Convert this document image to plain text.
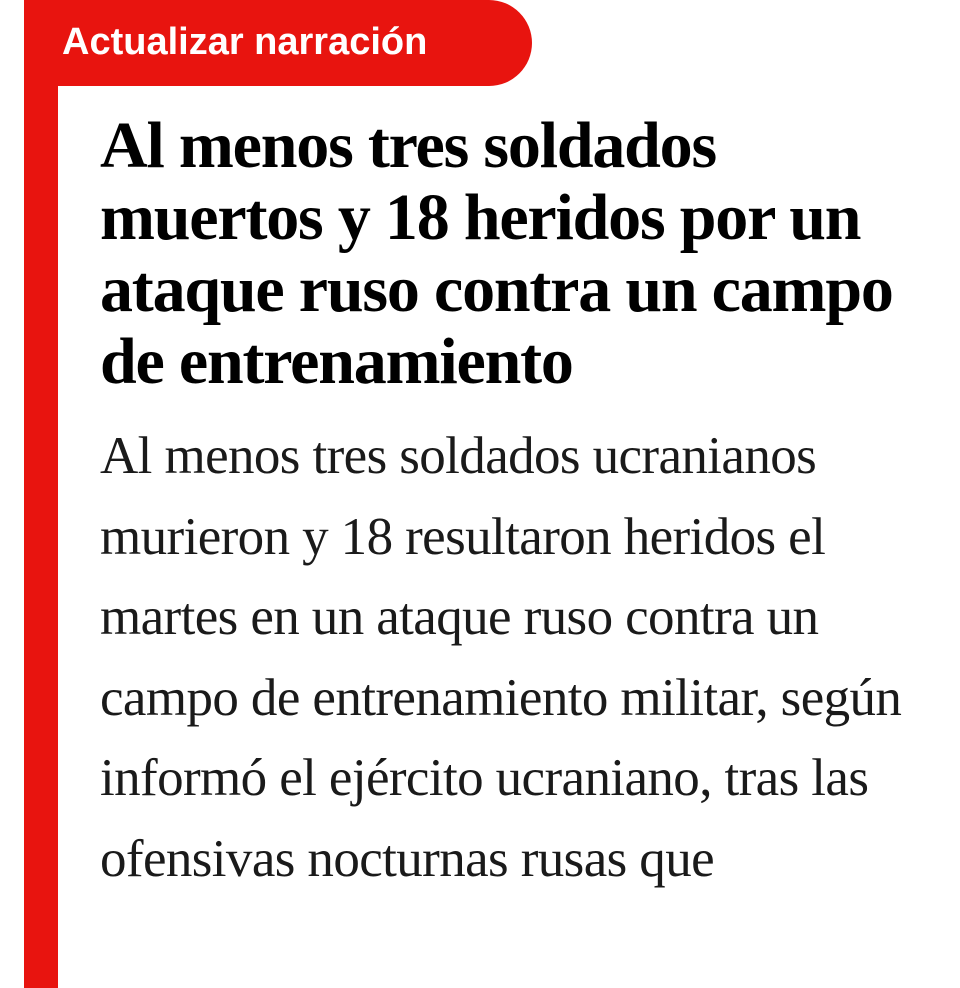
Actualizar narración
Al menos tres soldados muertos y 18 heridos por un ataque ruso contra un campo de entrenamiento

Al menos tres soldados ucranianos murieron y 18 resultaron heridos el martes en un ataque ruso contra un campo de entrenamiento militar, según informó el ejército ucraniano, tras las ofensivas nocturnas rusas que
